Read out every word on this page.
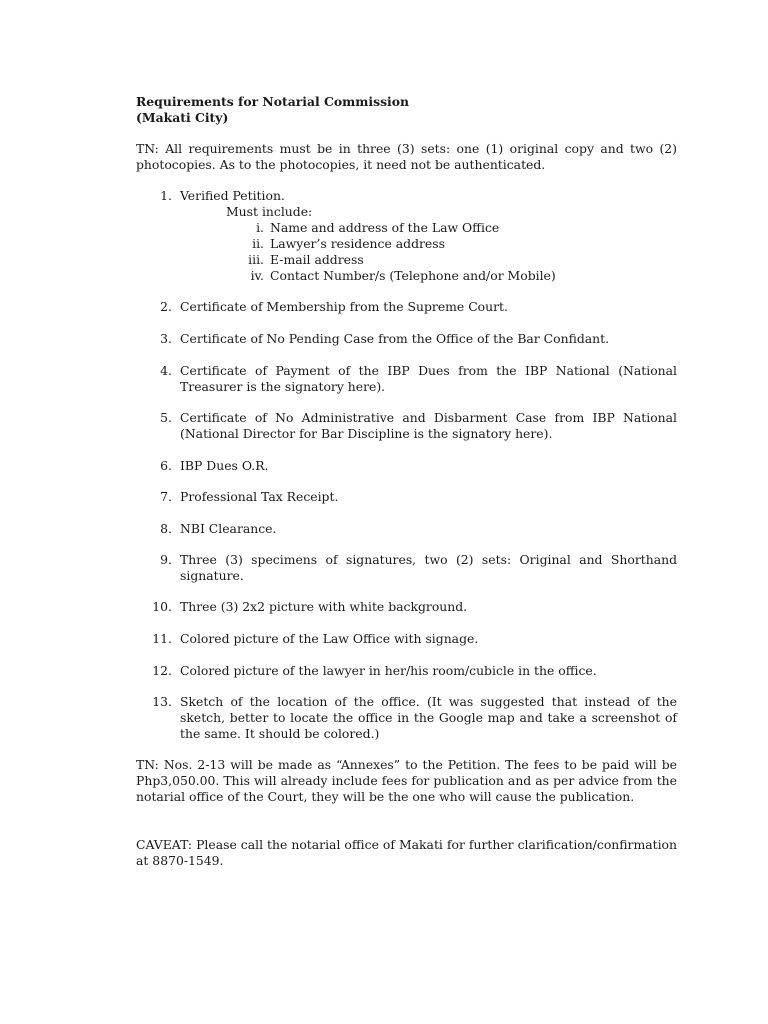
Requirements for Notarial Commission
(Makati City)
TN: All requirements must be in three (3) sets: one (1) original copy and two (2) photocopies. As to the photocopies, it need not be authenticated.
1. Verified Petition.
Must include:
i. Name and address of the Law Office
ii. Lawyer’s residence address
iii. E-mail address
iv. Contact Number/s (Telephone and/or Mobile)
2. Certificate of Membership from the Supreme Court.
3. Certificate of No Pending Case from the Office of the Bar Confidant.
4. Certificate of Payment of the IBP Dues from the IBP National (National Treasurer is the signatory here).
5. Certificate of No Administrative and Disbarment Case from IBP National (National Director for Bar Discipline is the signatory here).
6. IBP Dues O.R.
7. Professional Tax Receipt.
8. NBI Clearance.
9. Three (3) specimens of signatures, two (2) sets: Original and Shorthand signature.
10. Three (3) 2x2 picture with white background.
11. Colored picture of the Law Office with signage.
12. Colored picture of the lawyer in her/his room/cubicle in the office.
13. Sketch of the location of the office. (It was suggested that instead of the sketch, better to locate the office in the Google map and take a screenshot of the same. It should be colored.)
TN: Nos. 2-13 will be made as “Annexes” to the Petition. The fees to be paid will be Php3,050.00. This will already include fees for publication and as per advice from the notarial office of the Court, they will be the one who will cause the publication.
CAVEAT: Please call the notarial office of Makati for further clarification/confirmation at 8870-1549.
